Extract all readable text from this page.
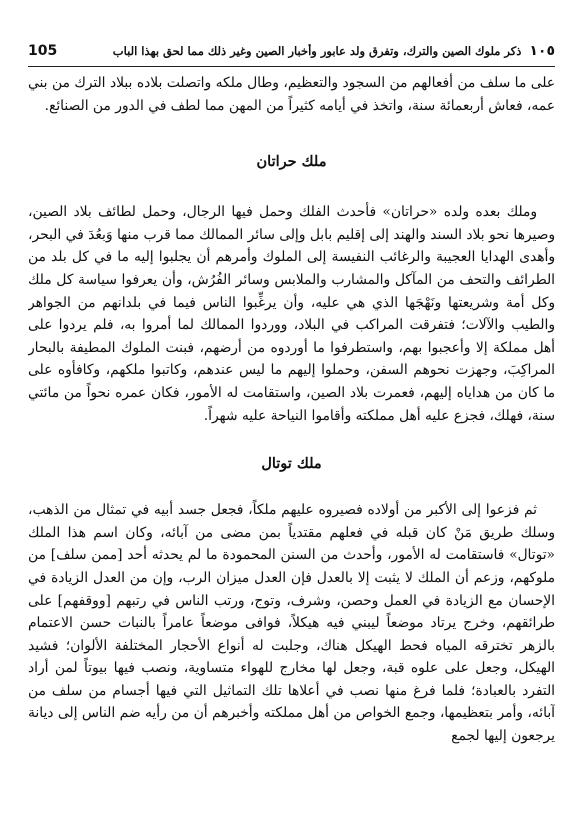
105	ذكر ملوك الصين والترك، وتفرق ولد عابور وأخبار الصين وغير ذلك مما لحق بهذا الباب ١٠٥

على ما سلف من أفعالهم من السجود والتعظيم، وطال ملكه واتصلت بلاده ببلاد الترك من بني عمه، فعاش أربعمائة سنة، واتخذ في أيامه كثيراً من المهن مما لطف في الدور من الصنائع.

ملك حراتان

وملك بعده ولده «حراتان» فأحدث الفلك وحمل فيها الرجال، وحمل لطائف بلاد الصين، وصيرها نحو بلاد السند والهند إلى إقليم بابل وإلى سائر الممالك مما قرب منها وَبعُدَ في البحر، وأهدى الهدايا العجيبة والرغائب النفيسة إلى الملوك وأمرهم أن يجلبوا إليه ما في كل بلد من الطرائف والتحف من المآكل والمشارب والملابس وسائر الفُرُش، وأن يعرفوا سياسة كل ملك وكل أمة وشريعتها ونَهْجَها الذي هي عليه، وأن يرغِّبوا الناس فيما في بلدانهم من الجواهر والطيب والآلات؛ فتفرقت المراكب في البلاد، ووردوا الممالك لما أمروا به، فلم يردوا على أهل مملكة إلا وأعجبوا بهم، واستطرفوا ما أوردوه من أرضهم، فبنت الملوك المطيفة بالبحار المراكِبَ، وجهزت نحوهم السفن، وحملوا إليهم ما ليس عندهم، وكاتبوا ملكهم، وكافأوه على ما كان من هداياه إليهم، فعمرت بلاد الصين، واستقامت له الأمور، فكان عمره نحواً من مائتي سنة، فهلك، فجزع عليه أهل مملكته وأقاموا النياحة عليه شهراً.

ملك توتال

ثم فزعوا إلى الأكبر من أولاده فصيروه عليهم ملكاً، فجعل جسد أبيه في تمثال من الذهب، وسلك طريق مَنْ كان قبله في فعلهم مقتدياً بمن مضى من آبائه، وكان اسم هذا الملك «توتال» فاستقامت له الأمور، وأحدث من السنن المحمودة ما لم يحدثه أحد [ممن سلف] من ملوكهم، وزعم أن الملك لا يثبت إلا بالعدل فإن العدل ميزان الرب، وإن من العدل الزيادة في الإحسان مع الزيادة في العمل وحصن، وشرف، وتوج، ورتب الناس في رتبهم [ووقفهم] على طرائقهم، وخرج يرتاد موضعاً ليبني فيه هيكلاً، فوافى موضعاً عامراً بالنبات حسن الاعتمام بالزهر تخترقه المياه فحط الهيكل هناك، وجلبت له أنواع الأحجار المختلفة الألوان؛ فشيد الهيكل، وجعل على علوه قبة، وجعل لها مخارج للهواء متساوية، ونصب فيها بيوتاً لمن أراد التفرد بالعبادة؛ فلما فرغ منها نصب في أعلاها تلك التماثيل التي فيها أجسام من سلف من آبائه، وأمر بتعظيمها، وجمع الخواص من أهل مملكته وأخبرهم أن من رأيه ضم الناس إلى ديانة يرجعون إليها لجمع
